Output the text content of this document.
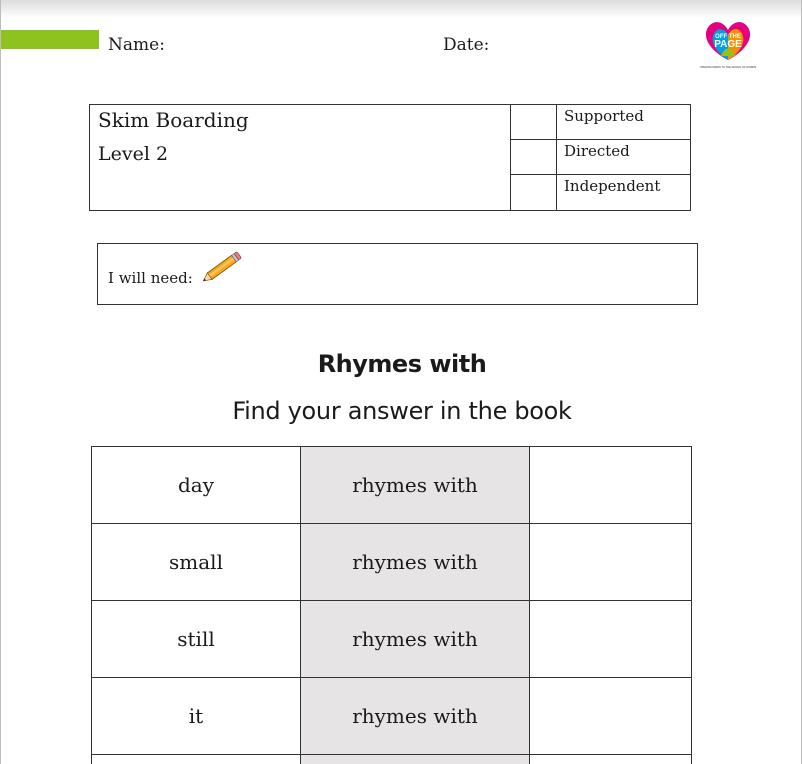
Name:	Date:	OFF THE
PAGE
OPENING MINDS TO THE WORLD OF WORDS
Skim Boarding
Level 2
Supported
Directed
Independent
I will need:
Rhymes with
Find your answer in the book
day	rhymes with	
small	rhymes with	
still	rhymes with	
it	rhymes with	
